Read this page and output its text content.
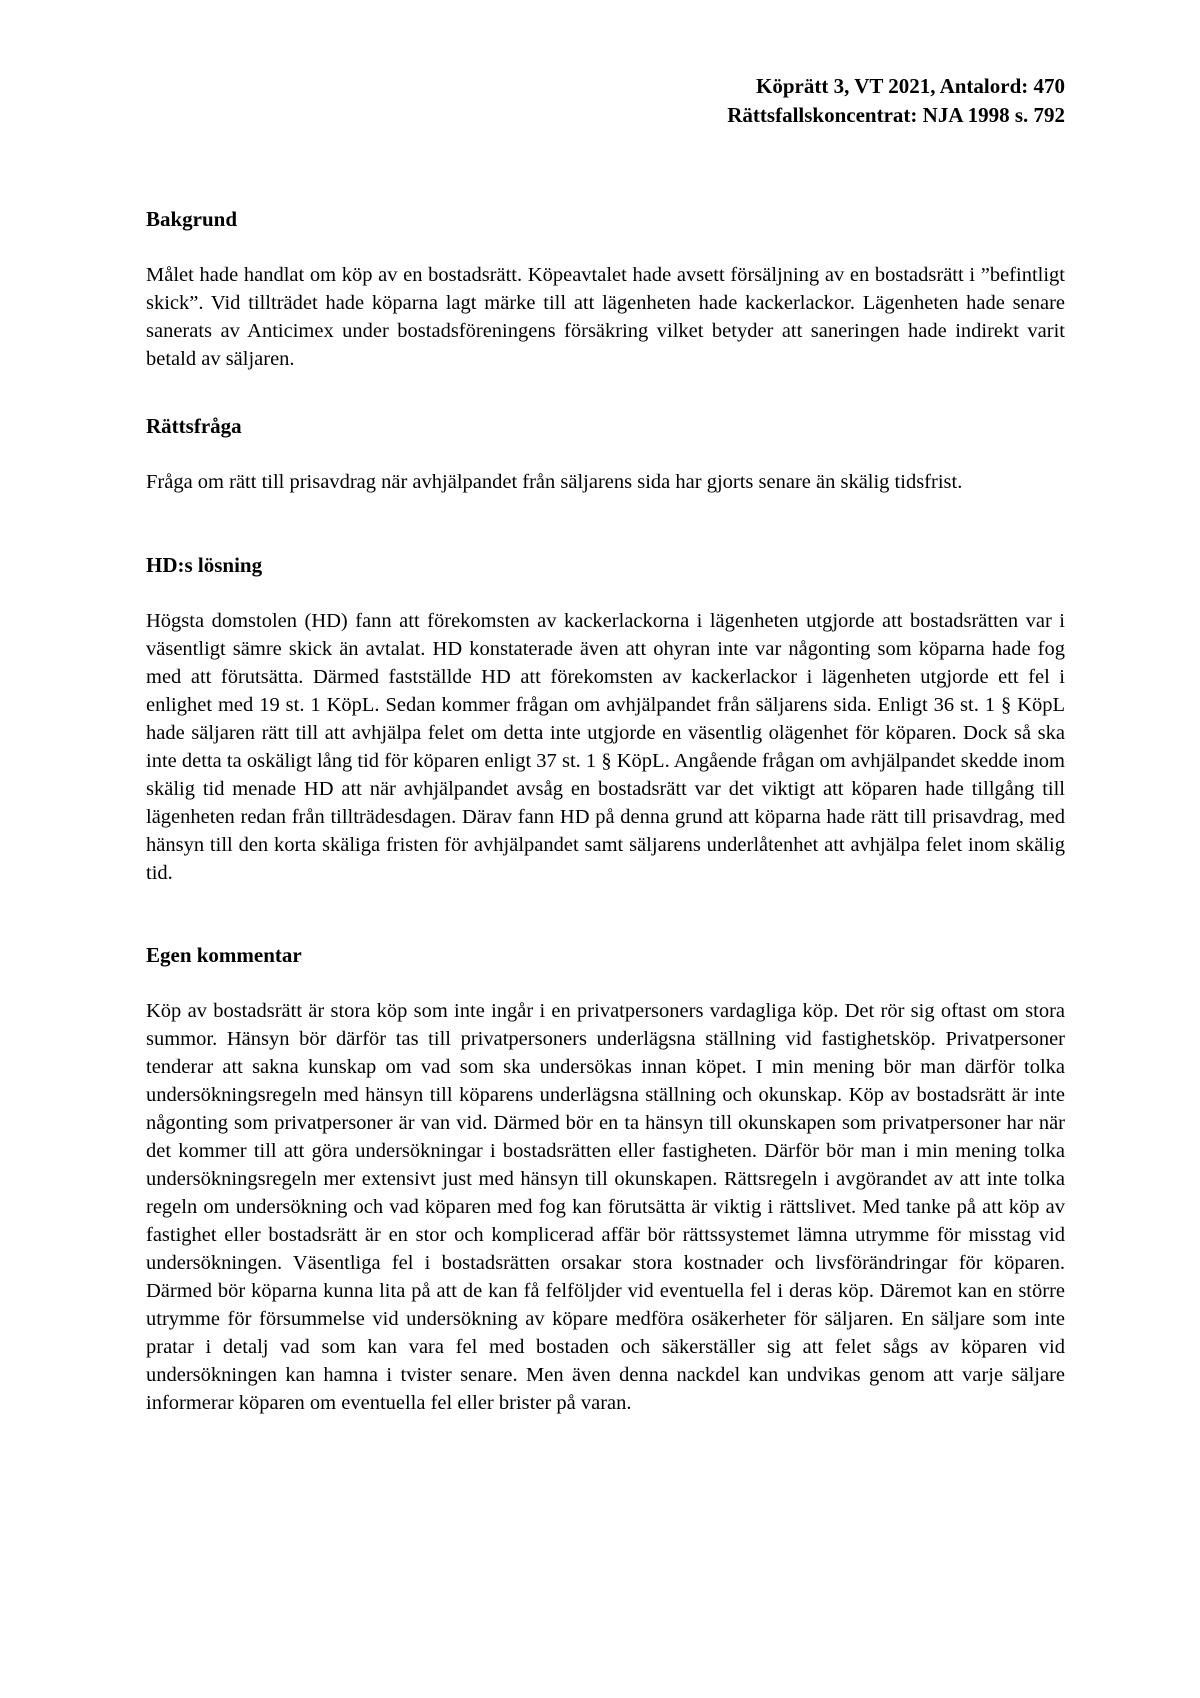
Köprätt 3, VT 2021, Antalord: 470
Rättsfallskoncentrat: NJA 1998 s. 792
Bakgrund

Målet hade handlat om köp av en bostadsrätt. Köpeavtalet hade avsett försäljning av en bostadsrätt i ”befintligt skick”. Vid tillträdet hade köparna lagt märke till att lägenheten hade kackerlackor. Lägenheten hade senare sanerats av Anticimex under bostadsföreningens försäkring vilket betyder att saneringen hade indirekt varit betald av säljaren.

Rättsfråga

Fråga om rätt till prisavdrag när avhjälpandet från säljarens sida har gjorts senare än skälig tidsfrist.

HD:s lösning

Högsta domstolen (HD) fann att förekomsten av kackerlackorna i lägenheten utgjorde att bostadsrätten var i väsentligt sämre skick än avtalat. HD konstaterade även att ohyran inte var någonting som köparna hade fog med att förutsätta. Därmed fastställde HD att förekomsten av kackerlackor i lägenheten utgjorde ett fel i enlighet med 19 st. 1 KöpL. Sedan kommer frågan om avhjälpandet från säljarens sida. Enligt 36 st. 1 § KöpL hade säljaren rätt till att avhjälpa felet om detta inte utgjorde en väsentlig olägenhet för köparen. Dock så ska inte detta ta oskäligt lång tid för köparen enligt 37 st. 1 § KöpL. Angående frågan om avhjälpandet skedde inom skälig tid menade HD att när avhjälpandet avsåg en bostadsrätt var det viktigt att köparen hade tillgång till lägenheten redan från tillträdesdagen. Därav fann HD på denna grund att köparna hade rätt till prisavdrag, med hänsyn till den korta skäliga fristen för avhjälpandet samt säljarens underlåtenhet att avhjälpa felet inom skälig tid.

Egen kommentar

Köp av bostadsrätt är stora köp som inte ingår i en privatpersoners vardagliga köp. Det rör sig oftast om stora summor. Hänsyn bör därför tas till privatpersoners underlägsna ställning vid fastighetsköp. Privatpersoner tenderar att sakna kunskap om vad som ska undersökas innan köpet. I min mening bör man därför tolka undersökningsregeln med hänsyn till köparens underlägsna ställning och okunskap. Köp av bostadsrätt är inte någonting som privatpersoner är van vid. Därmed bör en ta hänsyn till okunskapen som privatpersoner har när det kommer till att göra undersökningar i bostadsrätten eller fastigheten. Därför bör man i min mening tolka undersökningsregeln mer extensivt just med hänsyn till okunskapen. Rättsregeln i avgörandet av att inte tolka regeln om undersökning och vad köparen med fog kan förutsätta är viktig i rättslivet. Med tanke på att köp av fastighet eller bostadsrätt är en stor och komplicerad affär bör rättssystemet lämna utrymme för misstag vid undersökningen. Väsentliga fel i bostadsrätten orsakar stora kostnader och livsförändringar för köparen. Därmed bör köparna kunna lita på att de kan få felföljder vid eventuella fel i deras köp. Däremot kan en större utrymme för försummelse vid undersökning av köpare medföra osäkerheter för säljaren. En säljare som inte pratar i detalj vad som kan vara fel med bostaden och säkerställer sig att felet sågs av köparen vid undersökningen kan hamna i tvister senare. Men även denna nackdel kan undvikas genom att varje säljare informerar köparen om eventuella fel eller brister på varan.
